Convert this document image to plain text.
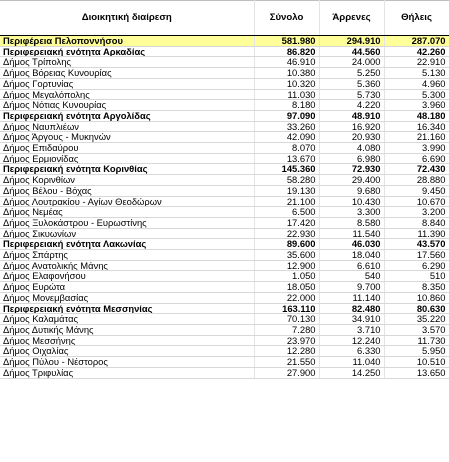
Διοικητική διαίρεση	Σύνολο	Άρρενες	Θήλεις
Περιφέρεια Πελοποννήσου	581.980	294.910	287.070
Περιφερειακή ενότητα Αρκαδίας	86.820	44.560	42.260
Δήμος Τρίπολης	46.910	24.000	22.910
Δήμος Βόρειας Κυνουρίας	10.380	5.250	5.130
Δήμος Γορτυνίας	10.320	5.360	4.960
Δήμος Μεγαλόπολης	11.030	5.730	5.300
Δήμος Νότιας Κυνουρίας	8.180	4.220	3.960
Περιφερειακή ενότητα Αργολίδας	97.090	48.910	48.180
Δήμος Ναυπλιέων	33.260	16.920	16.340
Δήμος Άργους - Μυκηνών	42.090	20.930	21.160
Δήμος Επιδαύρου	8.070	4.080	3.990
Δήμος Ερμιονίδας	13.670	6.980	6.690
Περιφερειακή ενότητα Κορινθίας	145.360	72.930	72.430
Δήμος Κορινθίων	58.280	29.400	28.880
Δήμος Βέλου - Βόχας	19.130	9.680	9.450
Δήμος Λουτρακίου - Αγίων Θεοδώρων	21.100	10.430	10.670
Δήμος Νεμέας	6.500	3.300	3.200
Δήμος Ξυλοκάστρου - Ευρωστίνης	17.420	8.580	8.840
Δήμος Σικυωνίων	22.930	11.540	11.390
Περιφερειακή ενότητα Λακωνίας	89.600	46.030	43.570
Δήμος Σπάρτης	35.600	18.040	17.560
Δήμος Ανατολικής Μάνης	12.900	6.610	6.290
Δήμος Ελαφονήσου	1.050	540	510
Δήμος Ευρώτα	18.050	9.700	8.350
Δήμος Μονεμβασίας	22.000	11.140	10.860
Περιφερειακή ενότητα Μεσσηνίας	163.110	82.480	80.630
Δήμος Καλαμάτας	70.130	34.910	35.220
Δήμος Δυτικής Μάνης	7.280	3.710	3.570
Δήμος Μεσσήνης	23.970	12.240	11.730
Δήμος Οιχαλίας	12.280	6.330	5.950
Δήμος Πύλου - Νέστορος	21.550	11.040	10.510
Δήμος Τριφυλίας	27.900	14.250	13.650
